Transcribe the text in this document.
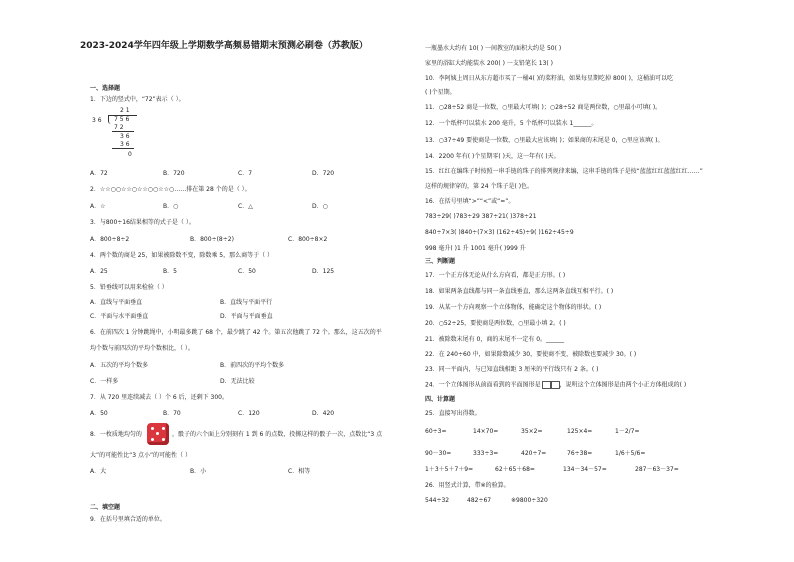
2023-2024学年四年级上学期数学高频易错期末预测必刷卷（苏教版）
一、选择题
1．下边的竖式中，“72”表示（ ）。
2 1
3 6 7 5 6
7 2
3 6
3 6
0
A．72	B．720	C．7	D．720
2．☆☆○○☆☆○☆☆○○☆☆○……排在第 28 个的是（ ）。
A．☆	B．○	C．△	D．○
3．与800÷16结果相等的式子是（ ）。
A．800÷8÷2	B．800÷(8÷2)	C．800÷8×2
4．两个数的商是 25，如果被除数不变，除数乘 5，那么商等于（ ）
A．25	B．5	C．50	D．125
5．铅垂线可以用来检验（ ）
A．直线与平面垂直	B．直线与平面平行
C．平面与水平面垂直	D．平面与平面垂直
6．在前四次 1 分钟跳绳中，小明最多跳了 68 个，最少跳了 42 个。第五次他跳了 72 个。那么，这五次的平
均个数与前四次的平均个数相比，（ ）。
A．五次的平均个数多	B．前四次的平均个数多
C．一样多	D．无法比较
7．从 720 里连续减去（ ）个 6 后，还剩下 300。
A．50	B．70	C．120	D．420
8．一枚质地均匀的	，骰子的六个面上分别刻有 1 到 6 的点数，投掷这样的骰子一次，点数比“3 点
大”的可能性比“3 点小”的可能性（ ）
A．大	B．小	C．相等
二、填空题
9．在括号里填合适的单位。
一瓶墨水大约有 10( ) 一间教室的面积大约是 50( )
家里的浴缸大约能装水 200( ) 一支铅笔长 13( )
10．李阿姨上周日从东方超市买了一桶4( )的菜籽油，如果每星期吃掉 800( )，这桶油可以吃
( )个星期。
11．○28÷52 商是一位数，○里最大可填( )；○28÷52 商是两位数，○里最小可填( )。
12．一个纸杯可以装水 200 毫升，5 个纸杯可以装水 1______。
13．○37÷49 要使商是一位数，○里最大应该填( )；如果商的末尾是 0，○里应该填( )。
14．2200 年有( )个星期零( )天，这一年有( )天。
15．红红在编珠子时按照一串手链的珠子的排列规律来编，这串手链的珠子是按“蓝蓝红红蓝蓝红红……”
这样的规律穿的，第 24 个珠子是( )色。
16．在括号里填“>”“<”或“=”。
783÷29( )783÷29 387÷21( )378÷21
840÷7×3( )840÷(7×3) (162÷45)÷9( )162÷45÷9
998 毫升( )1 升 1001 毫升( )999 升
三、判断题
17．一个正方体无论从什么方向看，都是正方形。( )
18．如果两条直线都与同一条直线垂直，那么这两条直线互相平行。( )
19．从某一个方向观察一个立体物体，能确定这个物体的形状。( )
20．○52÷25，要使商是两位数，○里最小填 2。( )
21．被除数末尾有 0，商的末尾不一定有 0。______
22．在 240÷60 中，如果除数减少 30，要使商不变，被除数也要减少 30。( )
23．同一平面内，与已知直线相距 3 厘米的平行线只有 2 条。( )
24．一个立体图形从前面看到的平面图形是	，说明这个立体图形是由两个小正方体组成的( )
四、计算题
25．直接写出得数。
60÷3=	14×70=	35×2=	125×4=	1－2/7=
90－30=	333÷3=	420÷7=	76÷38=	1/6＋5/6=
1＋3＋5＋7＋9=	62＋65＋68=	134－34－57=	287－63－37=
26．用竖式计算，带※的验算。
544÷32	482÷67	※9800÷320
